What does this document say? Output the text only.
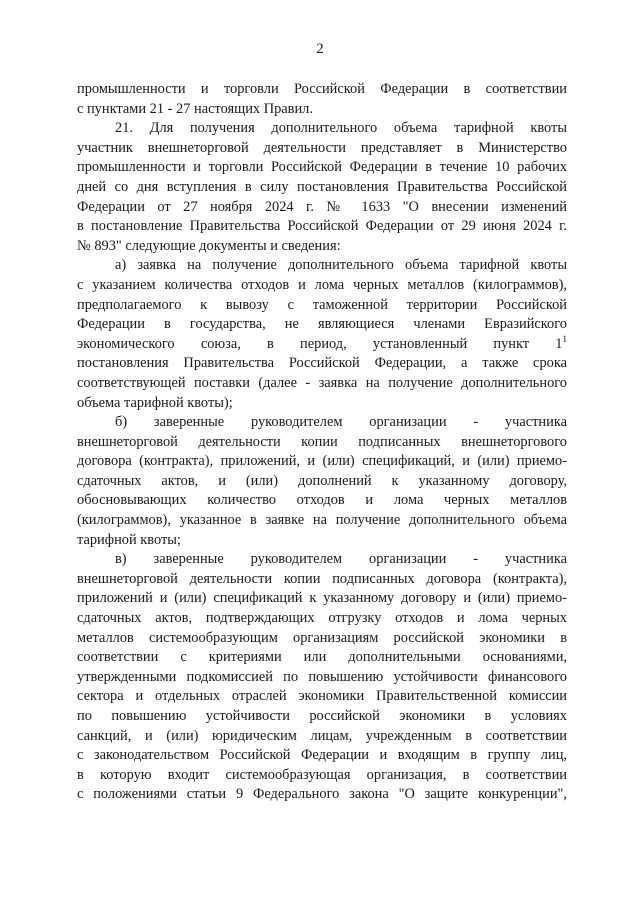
2
промышленности и торговли Российской Федерации в соответствии
с пунктами 21 - 27 настоящих Правил.
21. Для получения дополнительного объема тарифной квоты
участник внешнеторговой деятельности представляет в Министерство
промышленности и торговли Российской Федерации в течение 10 рабочих
дней со дня вступления в силу постановления Правительства Российской
Федерации от 27 ноября 2024 г. № 1633 "О внесении изменений
в постановление Правительства Российской Федерации от 29 июня 2024 г.
№ 893" следующие документы и сведения:
а) заявка на получение дополнительного объема тарифной квоты
с указанием количества отходов и лома черных металлов (килограммов),
предполагаемого к вывозу с таможенной территории Российской
Федерации в государства, не являющиеся членами Евразийского
экономического союза, в период, установленный пункт $1^1$
постановления Правительства Российской Федерации, а также срока
соответствующей поставки (далее - заявка на получение дополнительного
объема тарифной квоты);
б) заверенные руководителем организации - участника
внешнеторговой деятельности копии подписанных внешнеторгового
договора (контракта), приложений, и (или) спецификаций, и (или) приемо-
сдаточных актов, и (или) дополнений к указанному договору,
обосновывающих количество отходов и лома черных металлов
(килограммов), указанное в заявке на получение дополнительного объема
тарифной квоты;
в) заверенные руководителем организации - участника
внешнеторговой деятельности копии подписанных договора (контракта),
приложений и (или) спецификаций к указанному договору и (или) приемо-
сдаточных актов, подтверждающих отгрузку отходов и лома черных
металлов системообразующим организациям российской экономики в
соответствии с критериями или дополнительными основаниями,
утвержденными подкомиссией по повышению устойчивости финансового
сектора и отдельных отраслей экономики Правительственной комиссии
по повышению устойчивости российской экономики в условиях
санкций, и (или) юридическим лицам, учрежденным в соответствии
с законодательством Российской Федерации и входящим в группу лиц,
в которую входит системообразующая организация, в соответствии
с положениями статьи 9 Федерального закона "О защите конкуренции",
